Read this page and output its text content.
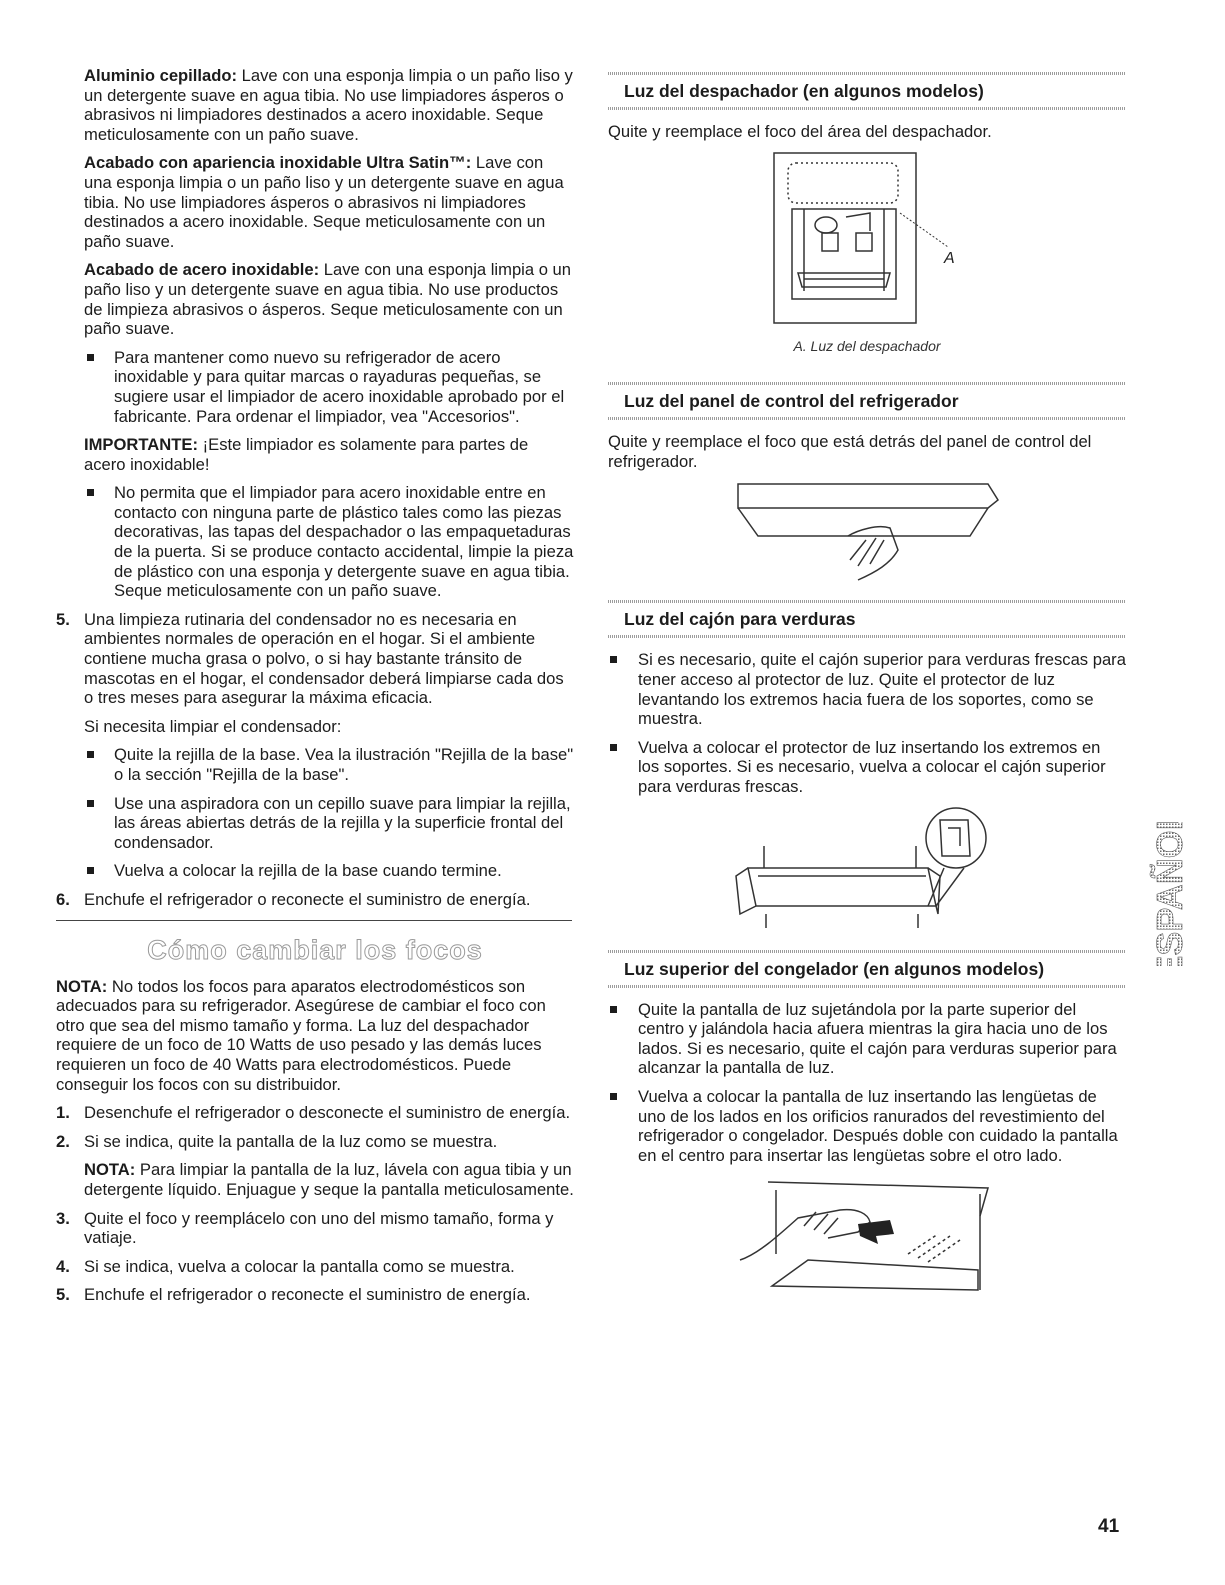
Aluminio cepillado: Lave con una esponja limpia o un paño liso y un detergente suave en agua tibia. No use limpiadores ásperos o abrasivos ni limpiadores destinados a acero inoxidable. Seque meticulosamente con un paño suave.

Acabado con apariencia inoxidable Ultra Satin™: Lave con una esponja limpia o un paño liso y un detergente suave en agua tibia. No use limpiadores ásperos o abrasivos ni limpiadores destinados a acero inoxidable. Seque meticulosamente con un paño suave.

Acabado de acero inoxidable: Lave con una esponja limpia o un paño liso y un detergente suave en agua tibia. No use productos de limpieza abrasivos o ásperos. Seque meticulosamente con un paño suave.

Para mantener como nuevo su refrigerador de acero inoxidable y para quitar marcas o rayaduras pequeñas, se sugiere usar el limpiador de acero inoxidable aprobado por el fabricante. Para ordenar el limpiador, vea "Accesorios".

IMPORTANTE: ¡Este limpiador es solamente para partes de acero inoxidable!

No permita que el limpiador para acero inoxidable entre en contacto con ninguna parte de plástico tales como las piezas decorativas, las tapas del despachador o las empaquetaduras de la puerta. Si se produce contacto accidental, limpie la pieza de plástico con una esponja y detergente suave en agua tibia. Seque meticulosamente con un paño suave.
5. Una limpieza rutinaria del condensador no es necesaria en ambientes normales de operación en el hogar. Si el ambiente contiene mucha grasa o polvo, o si hay bastante tránsito de mascotas en el hogar, el condensador deberá limpiarse cada dos o tres meses para asegurar la máxima eficacia.

Si necesita limpiar el condensador:

Quite la rejilla de la base. Vea la ilustración "Rejilla de la base" o la sección "Rejilla de la base".
Use una aspiradora con un cepillo suave para limpiar la rejilla, las áreas abiertas detrás de la rejilla y la superficie frontal del condensador.
Vuelva a colocar la rejilla de la base cuando termine.
6. Enchufe el refrigerador o reconecte el suministro de energía.
Cómo cambiar los focos

NOTA: No todos los focos para aparatos electrodomésticos son adecuados para su refrigerador. Asegúrese de cambiar el foco con otro que sea del mismo tamaño y forma. La luz del despachador requiere de un foco de 10 Watts de uso pesado y las demás luces requieren un foco de 40 Watts para electrodomésticos. Puede conseguir los focos con su distribuidor.

1. Desenchufe el refrigerador o desconecte el suministro de energía.
2. Si se indica, quite la pantalla de la luz como se muestra.

NOTA: Para limpiar la pantalla de la luz, lávela con agua tibia y un detergente líquido. Enjuague y seque la pantalla meticulosamente.

3. Quite el foco y reemplácelo con uno del mismo tamaño, forma y vatiaje.
4. Si se indica, vuelva a colocar la pantalla como se muestra.
5. Enchufe el refrigerador o reconecte el suministro de energía.
Luz del despachador (en algunos modelos)

Quite y reemplace el foco del área del despachador.

A

A. Luz del despachador

Luz del panel de control del refrigerador

Quite y reemplace el foco que está detrás del panel de control del refrigerador.

Luz del cajón para verduras
Si es necesario, quite el cajón superior para verduras frescas para tener acceso al protector de luz. Quite el protector de luz levantando los extremos hacia fuera de los soportes, como se muestra.
Vuelva a colocar el protector de luz insertando los extremos en los soportes. Si es necesario, vuelva a colocar el cajón superior para verduras frescas.
Luz superior del congelador (en algunos modelos)
Quite la pantalla de luz sujetándola por la parte superior del centro y jalándola hacia afuera mientras la gira hacia uno de los lados. Si es necesario, quite el cajón para verduras superior para alcanzar la pantalla de luz.
Vuelva a colocar la pantalla de luz insertando las lengüetas de uno de los lados en los orificios ranurados del revestimiento del refrigerador o congelador. Después doble con cuidado la pantalla en el centro para insertar las lengüetas sobre el otro lado.
ESPAÑOL
41
